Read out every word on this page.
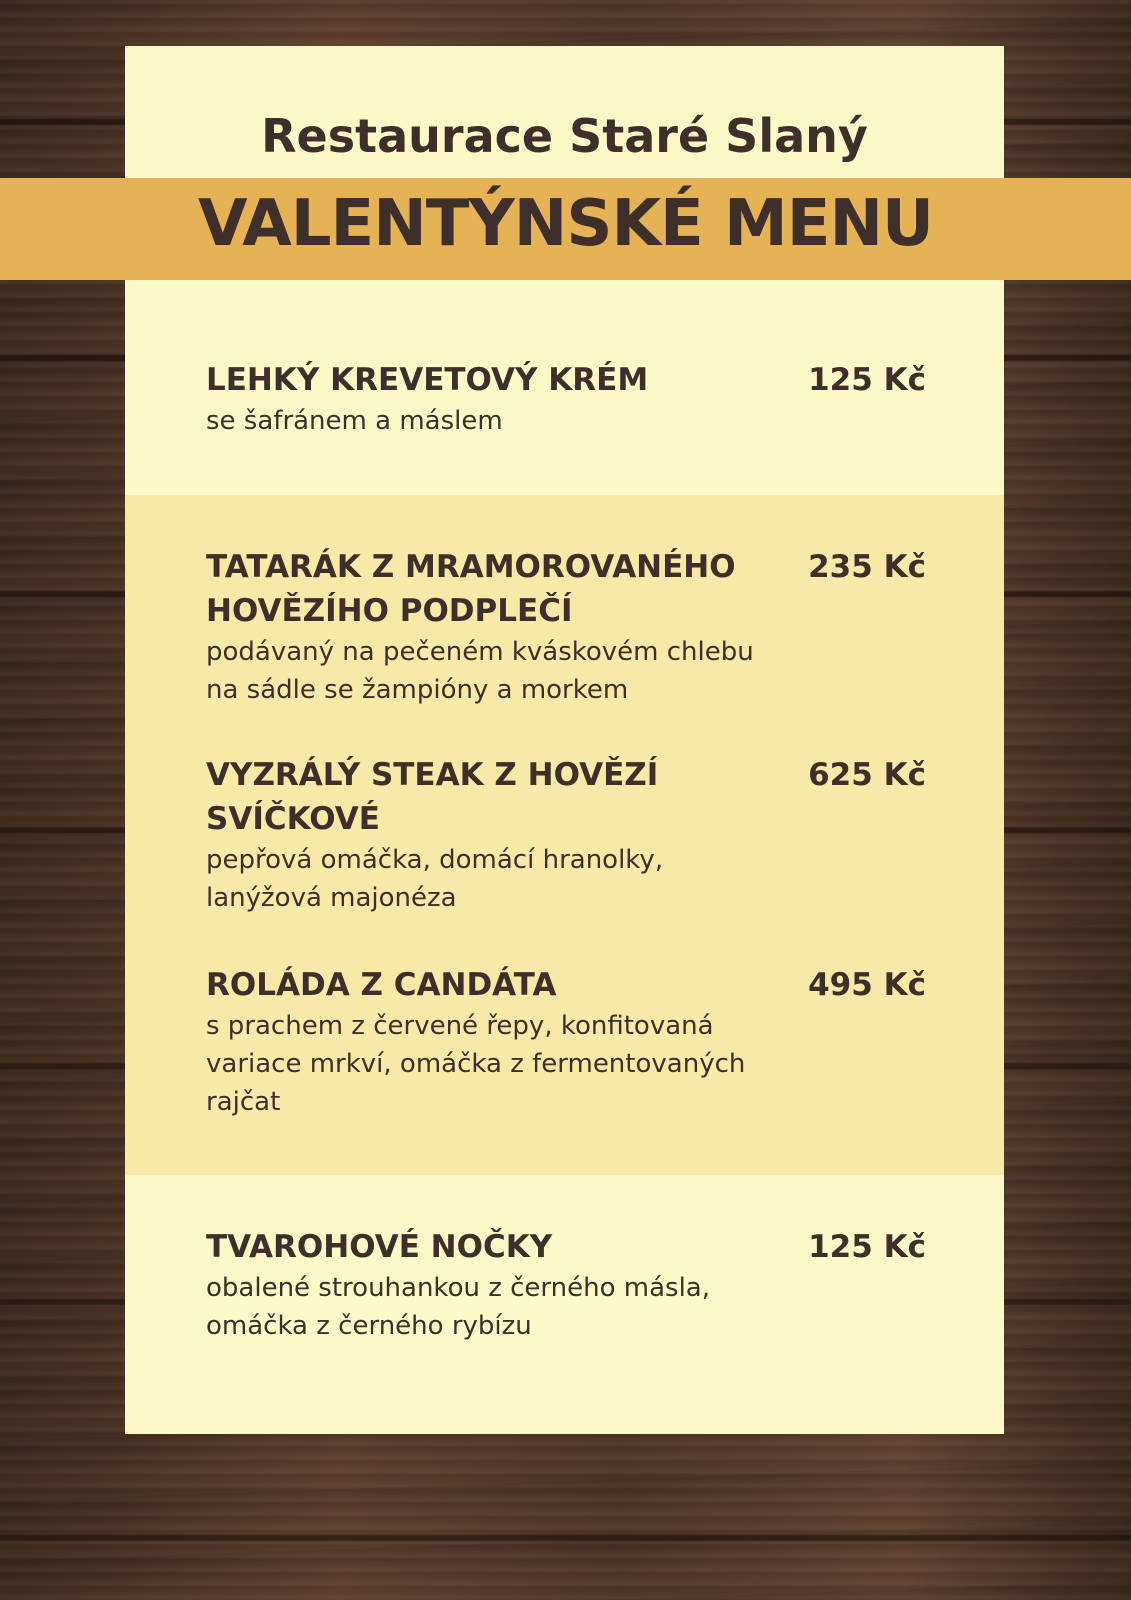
Restaurace Staré Slaný
VALENTÝNSKÉ MENU

LEHKÝ KREVETOVÝ KRÉM

se šafránem a máslem

125 Kč

TATARÁK Z MRAMOROVANÉHO HOVĚZÍHO PODPLEČÍ

podávaný na pečeném kváskovém chlebu na sádle se žampióny a morkem

235 Kč

VYZRÁLÝ STEAK Z HOVĚZÍ SVÍČKOVÉ

pepřová omáčka, domácí hranolky, lanýžová majonéza

625 Kč

ROLÁDA Z CANDÁTA

s prachem z červené řepy, konfitovaná variace mrkví, omáčka z fermentovaných rajčat

495 Kč

TVAROHOVÉ NOČKY

obalené strouhankou z černého másla, omáčka z černého rybízu

125 Kč
